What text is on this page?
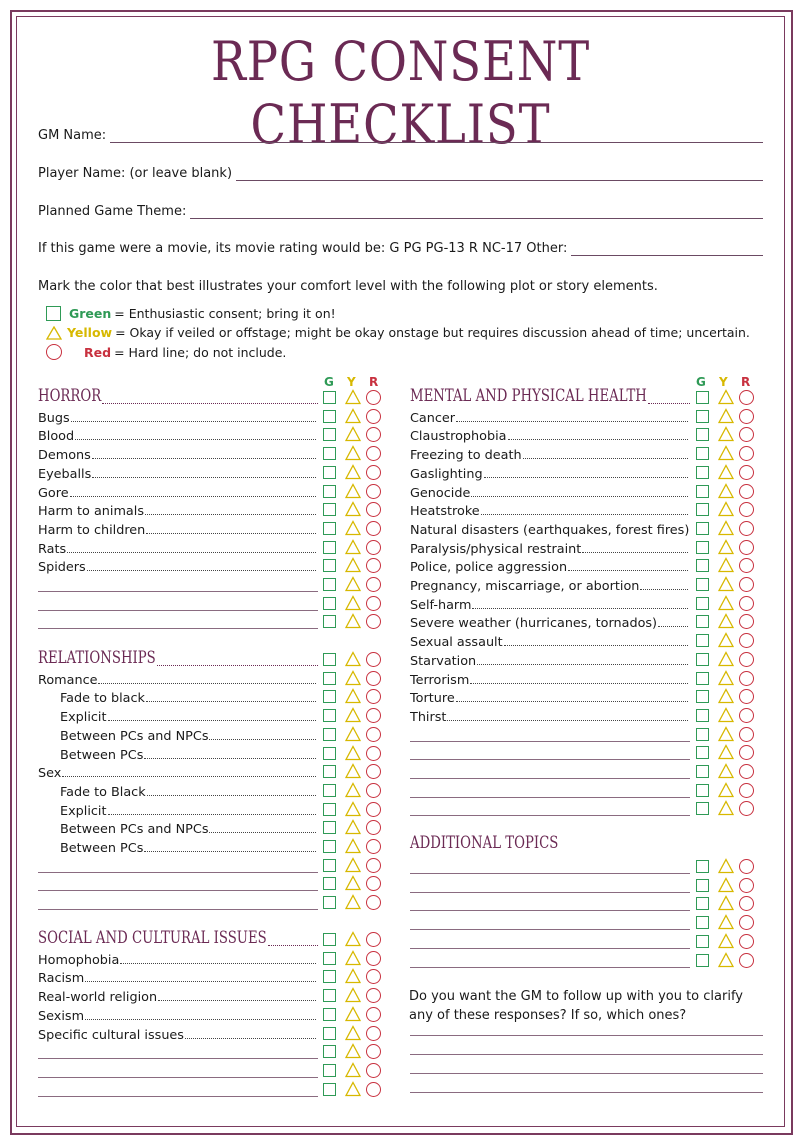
RPG CONSENT CHECKLIST
GM Name:
Player Name: (or leave blank)
Planned Game Theme:
If this game were a movie, its movie rating would be: G PG PG-13 R NC-17 Other:
Mark the color that best illustrates your comfort level with the following plot or story elements.
Green = Enthusiastic consent; bring it on!
Yellow = Okay if veiled or offstage; might be okay onstage but requires discussion ahead of time; uncertain.
Red = Hard line; do not include.
G Y R	G Y R
HORROR
Bugs
Blood
Demons
Eyeballs
Gore
Harm to animals
Harm to children
Rats
Spiders
RELATIONSHIPS
Romance
Fade to black
Explicit
Between PCs and NPCs
Between PCs
Sex
Fade to Black
Explicit
Between PCs and NPCs
Between PCs
SOCIAL AND CULTURAL ISSUES
Homophobia
Racism
Real-world religion
Sexism
Specific cultural issues
MENTAL AND PHYSICAL HEALTH
Cancer
Claustrophobia
Freezing to death
Gaslighting
Genocide
Heatstroke
Natural disasters (earthquakes, forest fires)
Paralysis/physical restraint
Police, police aggression
Pregnancy, miscarriage, or abortion
Self-harm
Severe weather (hurricanes, tornados)
Sexual assault
Starvation
Terrorism
Torture
Thirst
ADDITIONAL TOPICS
Do you want the GM to follow up with you to clarify
any of these responses? If so, which ones?
